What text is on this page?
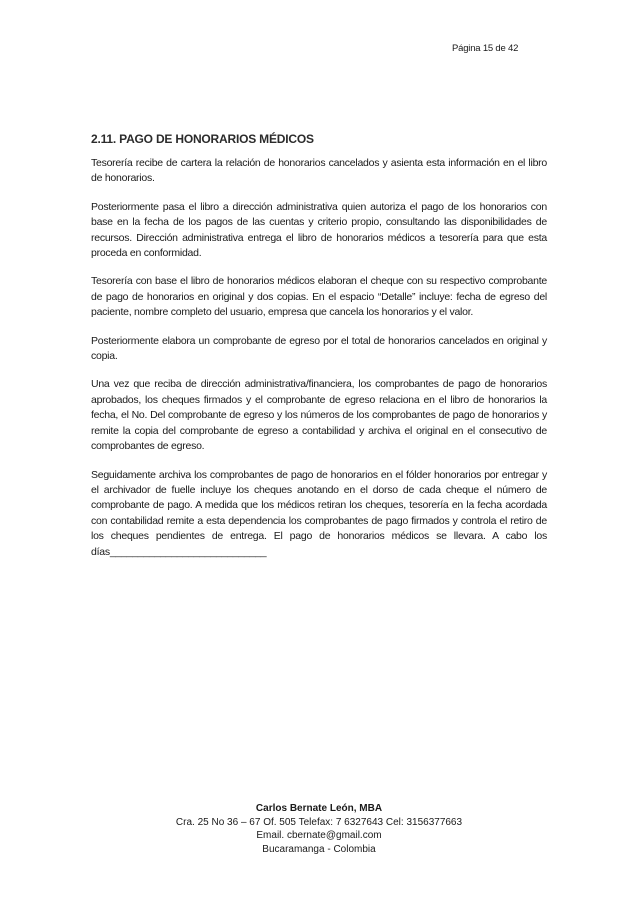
Página 15 de 42
2.11. PAGO DE HONORARIOS MÉDICOS

Tesorería recibe de cartera la relación de honorarios cancelados y asienta esta información en el libro de honorarios.

Posteriormente pasa el libro a dirección administrativa quien autoriza el pago de los honorarios con base en la fecha de los pagos de las cuentas y criterio propio, consultando las disponibilidades de recursos. Dirección administrativa entrega el libro de honorarios médicos a tesorería para que esta proceda en conformidad.

Tesorería con base el libro de honorarios médicos elaboran el cheque con su respectivo comprobante de pago de honorarios en original y dos copias. En el espacio “Detalle” incluye: fecha de egreso del paciente, nombre completo del usuario, empresa que cancela los honorarios y el valor.

Posteriormente elabora un comprobante de egreso por el total de honorarios cancelados en original y copia.

Una vez que reciba de dirección administrativa/financiera, los comprobantes de pago de honorarios aprobados, los cheques firmados y el comprobante de egreso relaciona en el libro de honorarios la fecha, el No. Del comprobante de egreso y los números de los comprobantes de pago de honorarios y remite la copia del comprobante de egreso a contabilidad y archiva el original en el consecutivo de comprobantes de egreso.

Seguidamente archiva los comprobantes de pago de honorarios en el fólder honorarios por entregar y el archivador de fuelle incluye los cheques anotando en el dorso de cada cheque el número de comprobante de pago. A medida que los médicos retiran los cheques, tesorería en la fecha acordada con contabilidad remite a esta dependencia los comprobantes de pago firmados y controla el retiro de los cheques pendientes de entrega. El pago de honorarios médicos se llevara. A cabo los días____________________________

Carlos Bernate León, MBA
Cra. 25 No 36 – 67 Of. 505 Telefax: 7 6327643 Cel: 3156377663
Email. cbernate@gmail.com
Bucaramanga - Colombia
